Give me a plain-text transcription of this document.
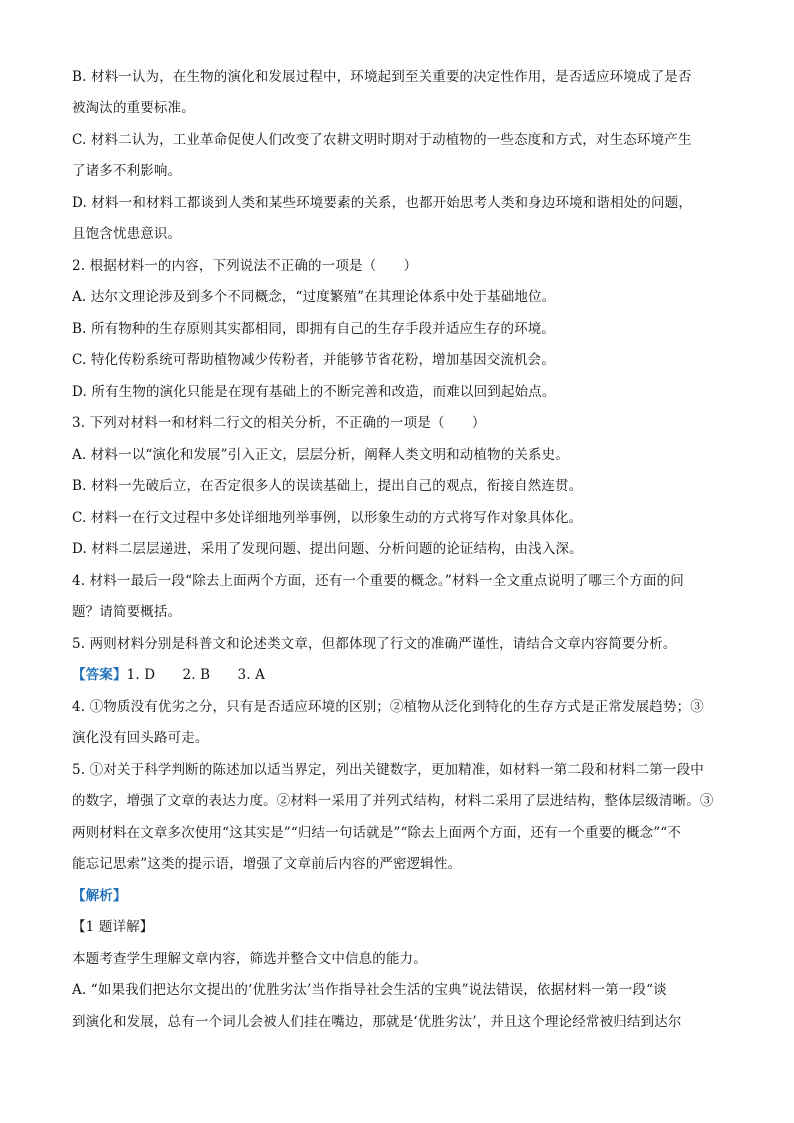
B. 材料一认为，在生物的演化和发展过程中，环境起到至关重要的决定性作用，是否适应环境成了是否
被淘汰的重要标准。
C. 材料二认为，工业革命促使人们改变了农耕文明时期对于动植物的一些态度和方式，对生态环境产生
了诸多不利影响。
D. 材料一和材料工都谈到人类和某些环境要素的关系，也都开始思考人类和身边环境和谐相处的问题，
且饱含忧患意识。
2. 根据材料一的内容，下列说法不正确的一项是（　　）
A. 达尔文理论涉及到多个不同概念，“过度繁殖”在其理论体系中处于基础地位。
B. 所有物种的生存原则其实都相同，即拥有自己的生存手段并适应生存的环境。
C. 特化传粉系统可帮助植物减少传粉者，并能够节省花粉，增加基因交流机会。
D. 所有生物的演化只能是在现有基础上的不断完善和改造，而难以回到起始点。
3. 下列对材料一和材料二行文的相关分析，不正确的一项是（　　）
A. 材料一以“演化和发展”引入正文，层层分析，阐释人类文明和动植物的关系史。
B. 材料一先破后立，在否定很多人的误读基础上，提出自己的观点，衔接自然连贯。
C. 材料一在行文过程中多处详细地列举事例，以形象生动的方式将写作对象具体化。
D. 材料二层层递进，采用了发现问题、提出问题、分析问题的论证结构，由浅入深。
4. 材料一最后一段“除去上面两个方面，还有一个重要的概念。”材料一全文重点说明了哪三个方面的问
题？请简要概括。
5. 两则材料分别是科普文和论述类文章，但都体现了行文的准确严谨性，请结合文章内容简要分析。
【答案】1. D　　2. B　　3. A
4. ①物质没有优劣之分，只有是否适应环境的区别；②植物从泛化到特化的生存方式是正常发展趋势；③
演化没有回头路可走。
5. ①对关于科学判断的陈述加以适当界定，列出关键数字，更加精准，如材料一第二段和材料二第一段中
的数字，增强了文章的表达力度。②材料一采用了并列式结构，材料二采用了层进结构，整体层级清晰。③
两则材料在文章多次使用“这其实是”“归结一句话就是”“除去上面两个方面，还有一个重要的概念”“不
能忘记思索”这类的提示语，增强了文章前后内容的严密逻辑性。
【解析】
【1 题详解】
本题考查学生理解文章内容，筛选并整合文中信息的能力。
A. “如果我们把达尔文提出的‘优胜劣汰’当作指导社会生活的宝典”说法错误，依据材料一第一段“谈
到演化和发展，总有一个词儿会被人们挂在嘴边，那就是‘优胜劣汰’，并且这个理论经常被归结到达尔
